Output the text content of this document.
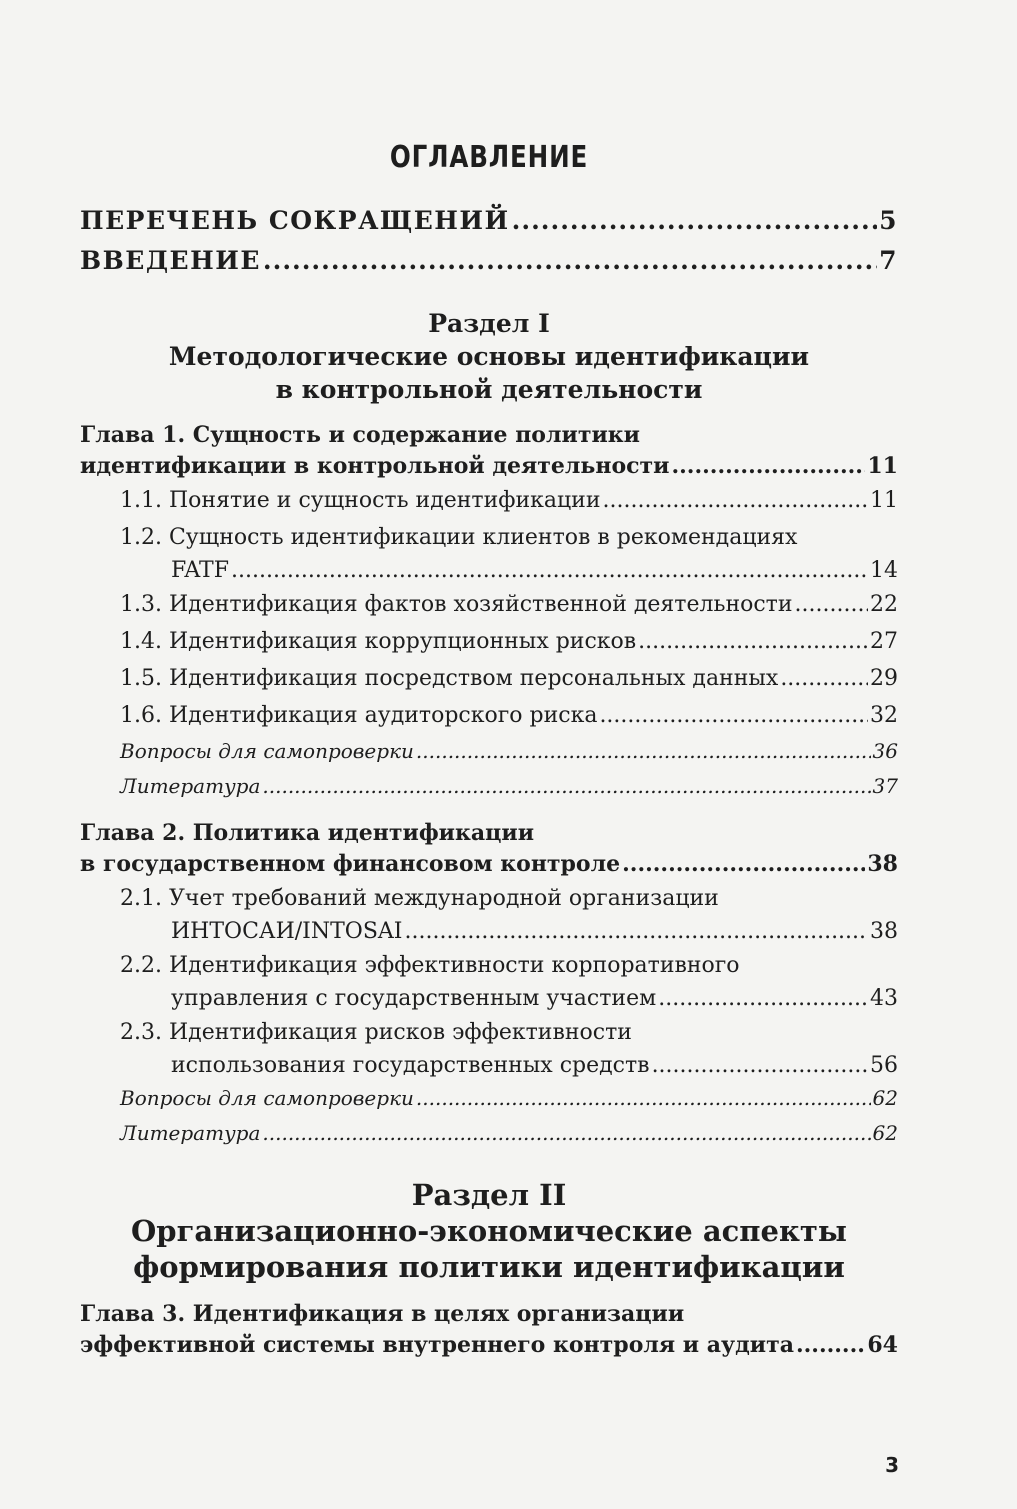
ОГЛАВЛЕНИЕ
ПЕРЕЧЕНЬ СОКРАЩЕНИЙ .....	5
ВВЕДЕНИЕ .....	7
Раздел I
Методологические основы идентификации
в контрольной деятельности
Глава 1. Сущность и содержание политики
идентификации в контрольной деятельности .....	11
1.1. Понятие и сущность идентификации .....	11
1.2. Сущность идентификации клиентов в рекомендациях
FATF .....	14
1.3. Идентификация фактов хозяйственной деятельности .....	22
1.4. Идентификация коррупционных рисков .....	27
1.5. Идентификация посредством персональных данных .....	29
1.6. Идентификация аудиторского риска .....	32
Вопросы для самопроверки .....	36
Литература .....	37
Глава 2. Политика идентификации
в государственном финансовом контроле .....	38
2.1. Учет требований международной организации
ИНТОСАИ/INTOSAI .....	38
2.2. Идентификация эффективности корпоративного
управления с государственным участием .....	43
2.3. Идентификация рисков эффективности
использования государственных средств .....	56
Вопросы для самопроверки .....	62
Литература .....	62
Раздел II
Организационно-экономические аспекты
формирования политики идентификации
Глава 3. Идентификация в целях организации
эффективной системы внутреннего контроля и аудита .....	64
3
